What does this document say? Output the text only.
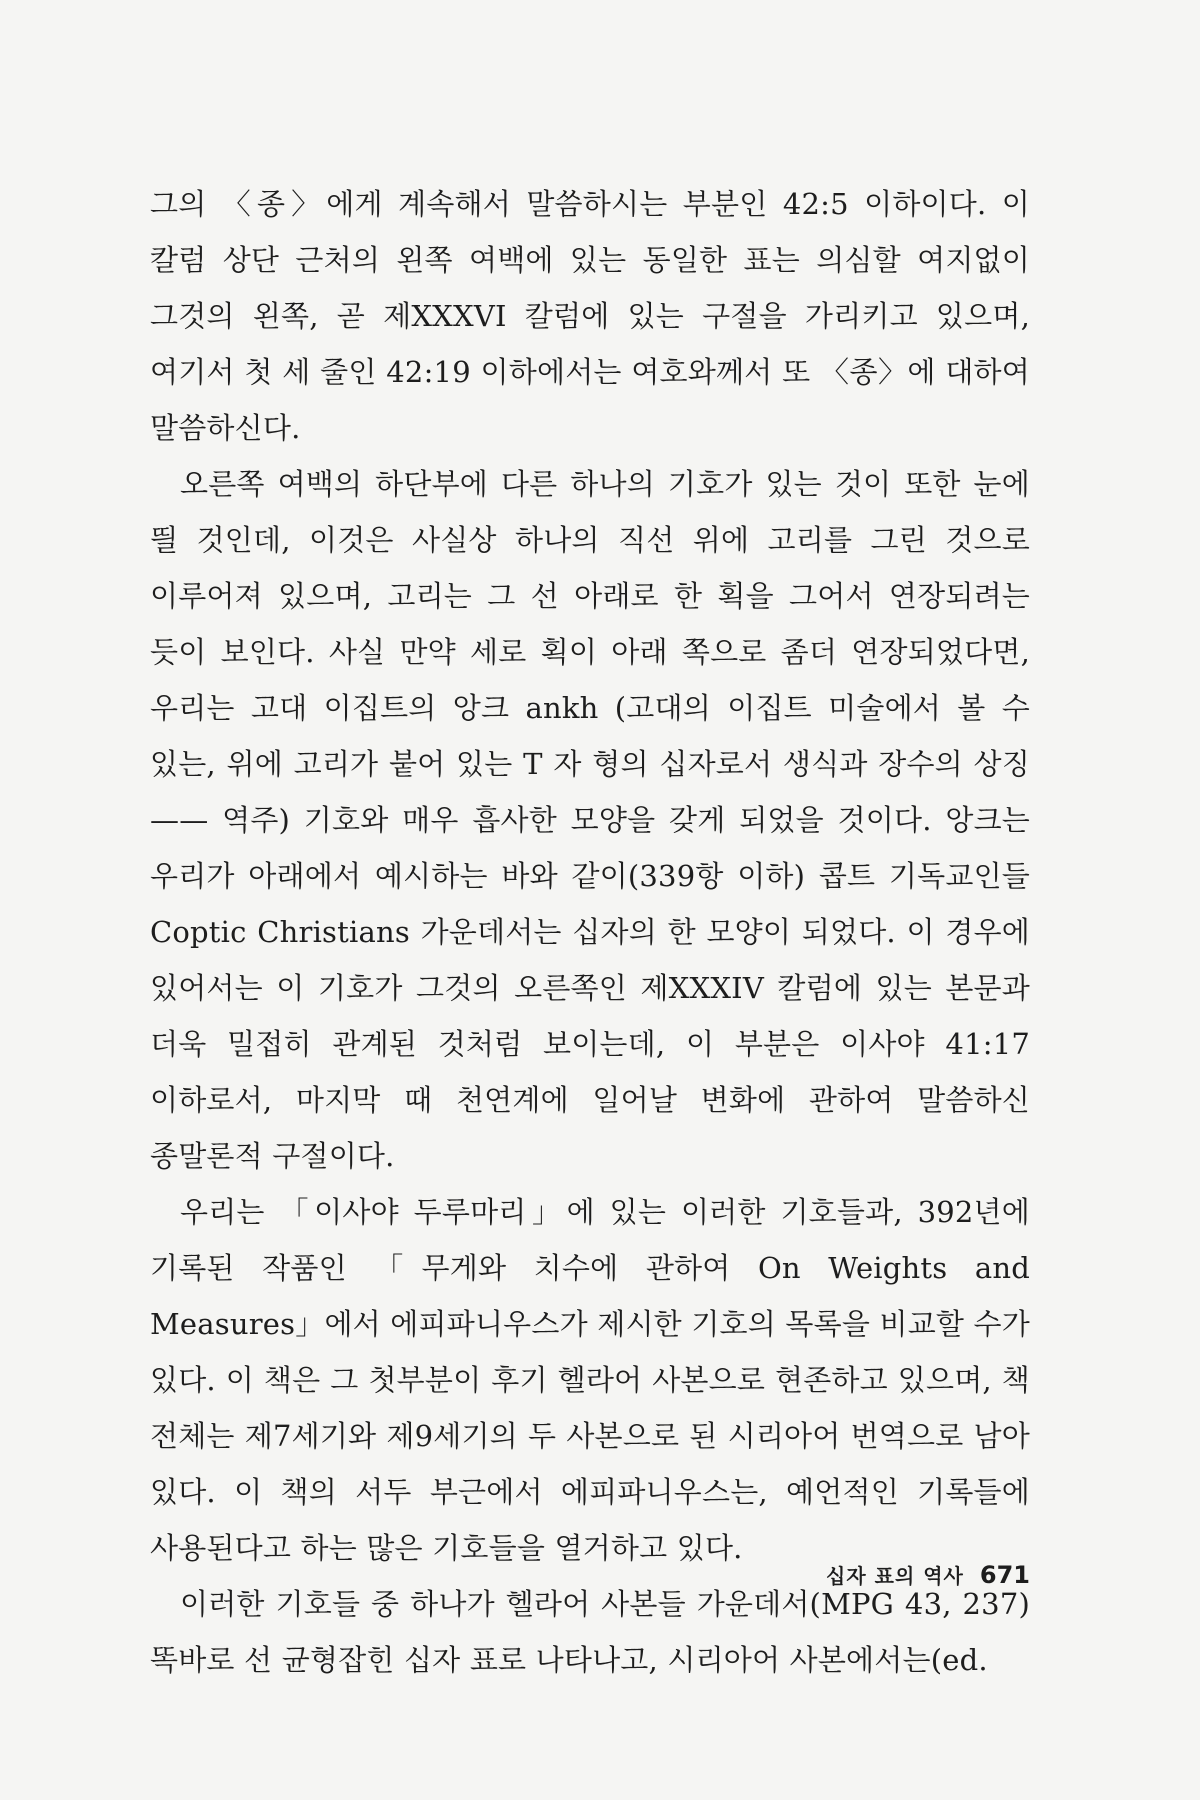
그의 〈종〉에게 계속해서 말씀하시는 부분인 42:5 이하이다. 이 칼럼 상단 근처의 왼쪽 여백에 있는 동일한 표는 의심할 여지없이 그것의 왼쪽, 곧 제XXXVI 칼럼에 있는 구절을 가리키고 있으며, 여기서 첫 세 줄인 42:19 이하에서는 여호와께서 또 〈종〉에 대하여 말씀하신다.

오른쪽 여백의 하단부에 다른 하나의 기호가 있는 것이 또한 눈에 띌 것인데, 이것은 사실상 하나의 직선 위에 고리를 그린 것으로 이루어져 있으며, 고리는 그 선 아래로 한 획을 그어서 연장되려는 듯이 보인다. 사실 만약 세로 획이 아래 쪽으로 좀더 연장되었다면, 우리는 고대 이집트의 앙크 ankh (고대의 이집트 미술에서 볼 수 있는, 위에 고리가 붙어 있는 T 자 형의 십자로서 생식과 장수의 상징 —— 역주) 기호와 매우 흡사한 모양을 갖게 되었을 것이다. 앙크는 우리가 아래에서 예시하는 바와 같이(339항 이하) 콥트 기독교인들 Coptic Christians 가운데서는 십자의 한 모양이 되었다. 이 경우에 있어서는 이 기호가 그것의 오른쪽인 제XXXIV 칼럼에 있는 본문과 더욱 밀접히 관계된 것처럼 보이는데, 이 부분은 이사야 41:17 이하로서, 마지막 때 천연계에 일어날 변화에 관하여 말씀하신 종말론적 구절이다.

우리는 「이사야 두루마리」에 있는 이러한 기호들과, 392년에 기록된 작품인 「무게와 치수에 관하여 On Weights and Measures」에서 에피파니우스가 제시한 기호의 목록을 비교할 수가 있다. 이 책은 그 첫부분이 후기 헬라어 사본으로 현존하고 있으며, 책 전체는 제7세기와 제9세기의 두 사본으로 된 시리아어 번역으로 남아 있다. 이 책의 서두 부근에서 에피파니우스는, 예언적인 기록들에 사용된다고 하는 많은 기호들을 열거하고 있다.

이러한 기호들 중 하나가 헬라어 사본들 가운데서(MPG 43, 237) 똑바로 선 균형잡힌 십자 표로 나타나고, 시리아어 사본에서는(ed.

십자 표의 역사 671
